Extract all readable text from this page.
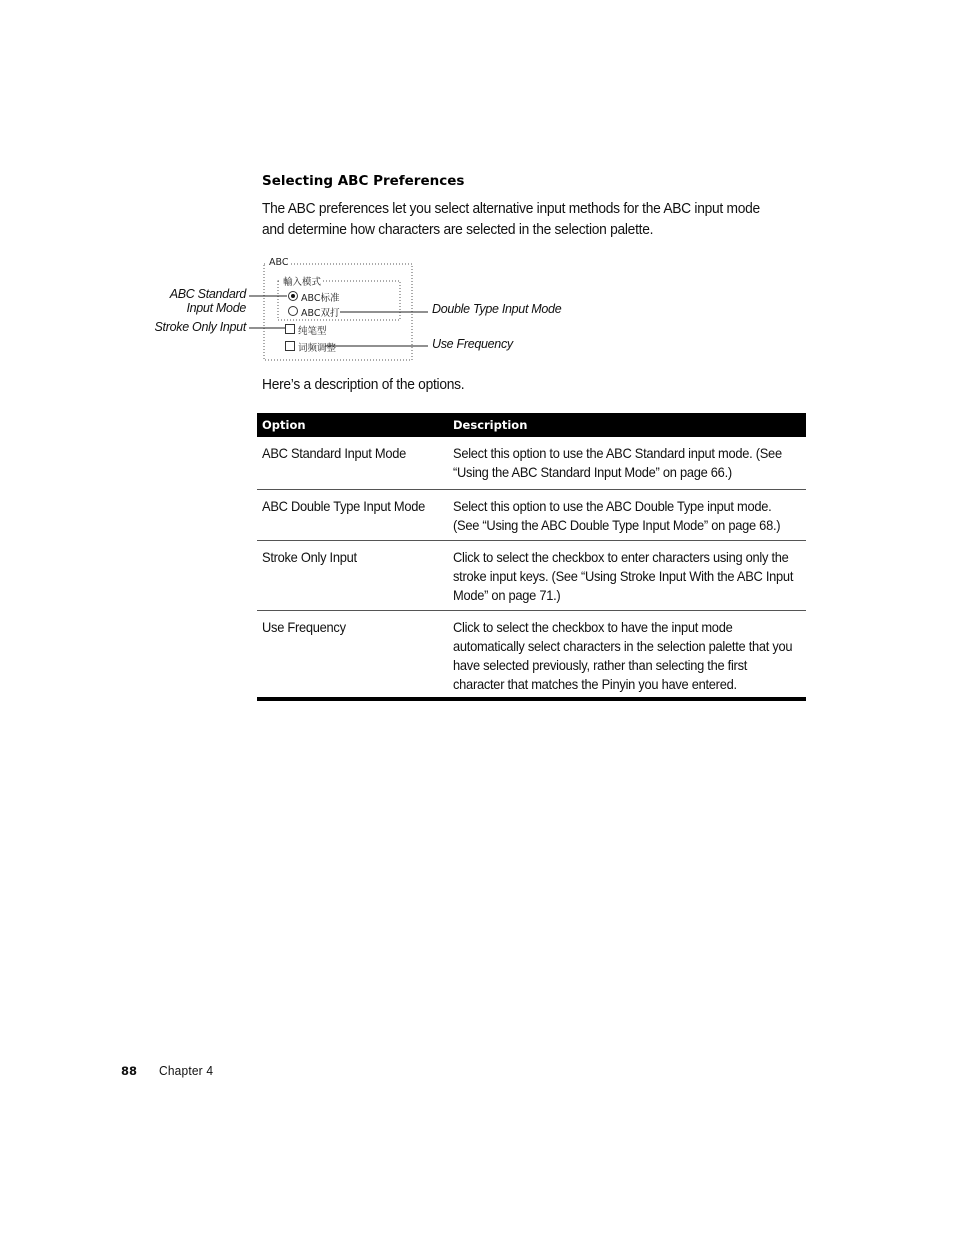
Selecting ABC Preferences
The ABC preferences let you select alternative input methods for the ABC input mode and determine how characters are selected in the selection palette.
ABC
輸入模式
ABC标准
ABC双打
纯笔型
词频调整
ABC Standard
Input Mode
Stroke Only Input
Double Type Input Mode
Use Frequency
Here’s a description of the options.
Option	Description
ABC Standard Input Mode	Select this option to use the ABC Standard input mode. (See “Using the ABC Standard Input Mode” on page 66.)
ABC Double Type Input Mode	Select this option to use the ABC Double Type input mode. (See “Using the ABC Double Type Input Mode” on page 68.)
Stroke Only Input	Click to select the checkbox to enter characters using only the stroke input keys. (See “Using Stroke Input With the ABC Input Mode” on page 71.)
Use Frequency	Click to select the checkbox to have the input mode automatically select characters in the selection palette that you have selected previously, rather than selecting the first character that matches the Pinyin you have entered.
88 Chapter 4
